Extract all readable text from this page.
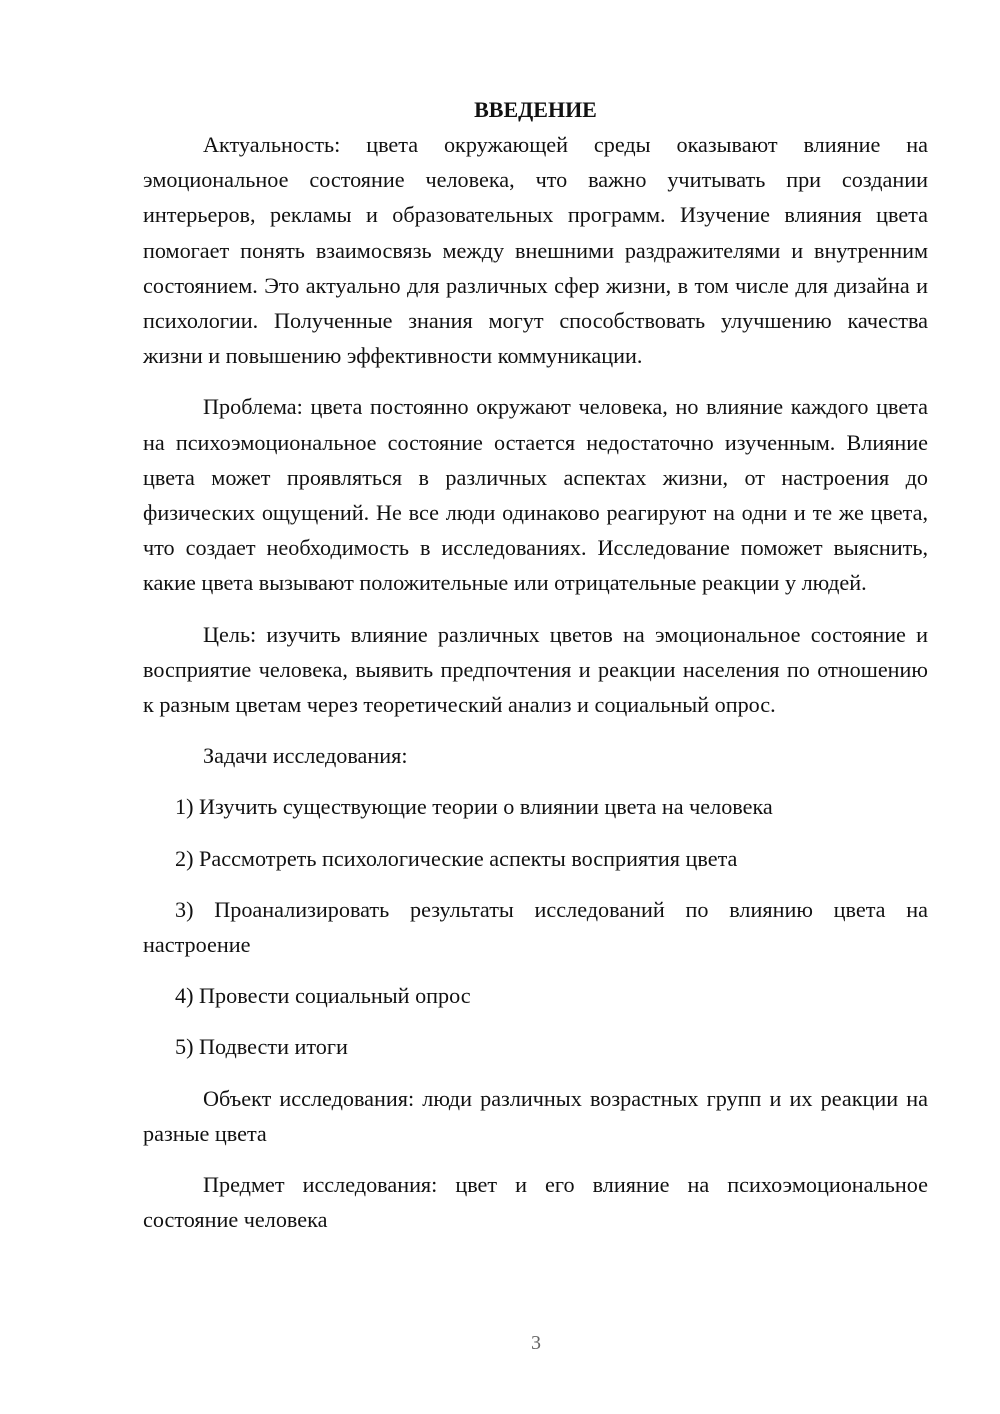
ВВЕДЕНИЕ

Актуальность: цвета окружающей среды оказывают влияние на эмоциональное состояние человека, что важно учитывать при создании интерьеров, рекламы и образовательных программ. Изучение влияния цвета помогает понять взаимосвязь между внешними раздражителями и внутренним состоянием. Это актуально для различных сфер жизни, в том числе для дизайна и психологии. Полученные знания могут способствовать улучшению качества жизни и повышению эффективности коммуникации.

Проблема: цвета постоянно окружают человека, но влияние каждого цвета на психоэмоциональное состояние остается недостаточно изученным. Влияние цвета может проявляться в различных аспектах жизни, от настроения до физических ощущений. Не все люди одинаково реагируют на одни и те же цвета, что создает необходимость в исследованиях. Исследование поможет выяснить, какие цвета вызывают положительные или отрицательные реакции у людей.

Цель: изучить влияние различных цветов на эмоциональное состояние и восприятие человека, выявить предпочтения и реакции населения по отношению к разным цветам через теоретический анализ и социальный опрос.

Задачи исследования:

1) Изучить существующие теории о влиянии цвета на человека

2) Рассмотреть психологические аспекты восприятия цвета

3) Проанализировать результаты исследований по влиянию цвета на настроение

4) Провести социальный опрос

5) Подвести итоги

Объект исследования: люди различных возрастных групп и их реакции на разные цвета

Предмет исследования: цвет и его влияние на психоэмоциональное состояние человека

3
